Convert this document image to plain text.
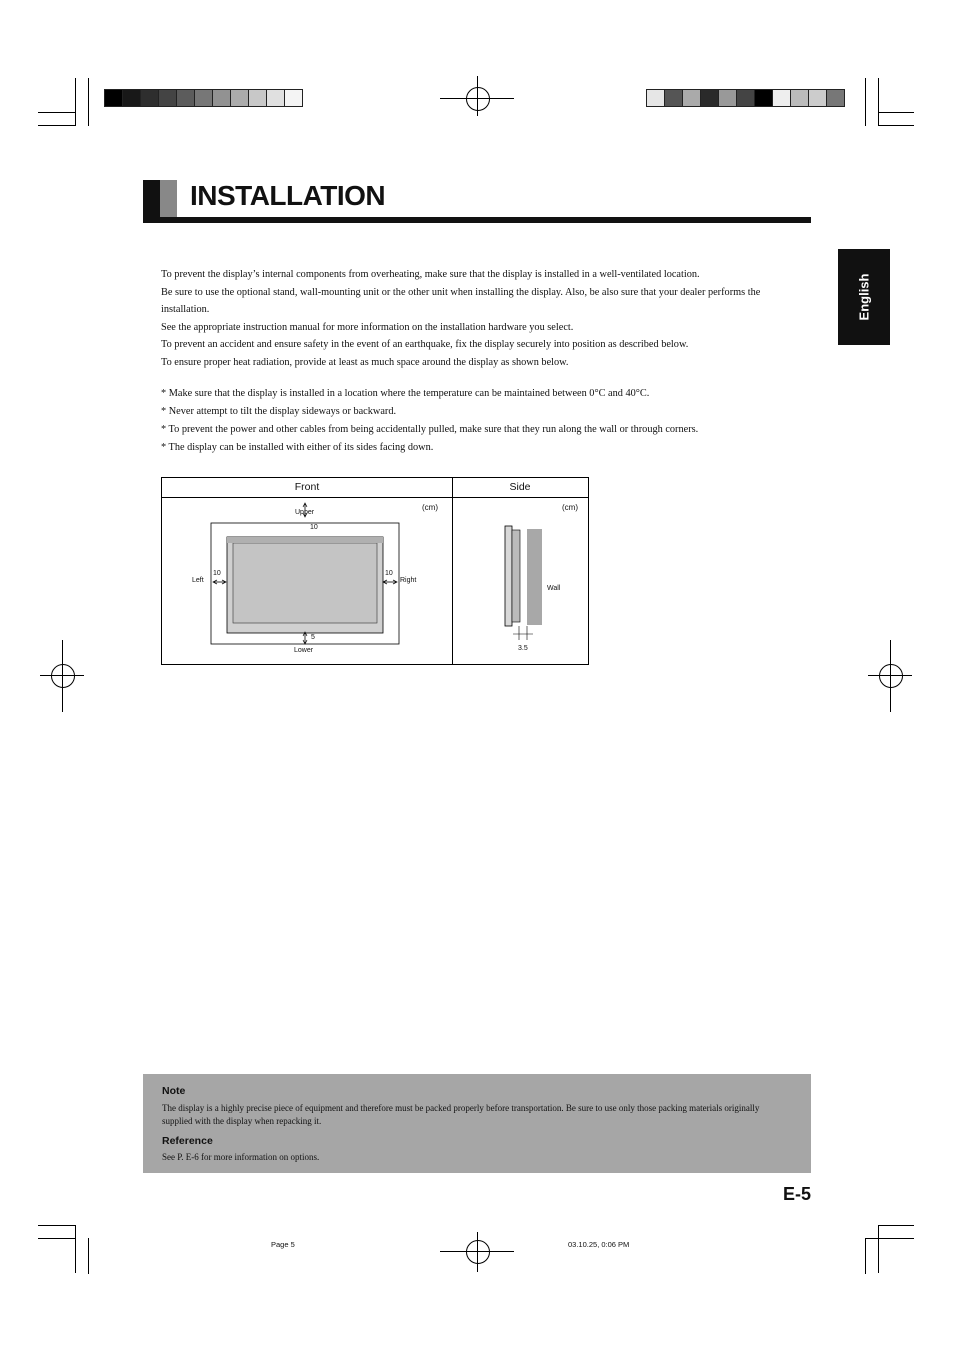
INSTALLATION
English

To prevent the display’s internal components from overheating, make sure that the display is installed in a well-ventilated location.

Be sure to use the optional stand, wall-mounting unit or the other unit when installing the display. Also, be also sure that your dealer performs the installation.

See the appropriate instruction manual for more information on the installation hardware you select.

To prevent an accident and ensure safety in the event of an earthquake, fix the display securely into position as described below.

To ensure proper heat radiation, provide at least as much space around the display as shown below.

* Make sure that the display is installed in a location where the temperature can be maintained between 0°C and 40°C.

* Never attempt to tilt the display sideways or backward.

* To prevent the power and other cables from being accidentally pulled, make sure that they run along the wall or through corners.

* The display can be installed with either of its sides facing down.

Front	Side
(cm)	(cm)
Upper
10
Left
10
Right
10
5
Lower
Wall
3.5
Note

The display is a highly precise piece of equipment and therefore must be packed properly before transportation. Be sure to use only those packing materials originally supplied with the display when repacking it.

Reference

See P. E-6 for more information on options.

E-5
Page 5	03.10.25, 0:06 PM
